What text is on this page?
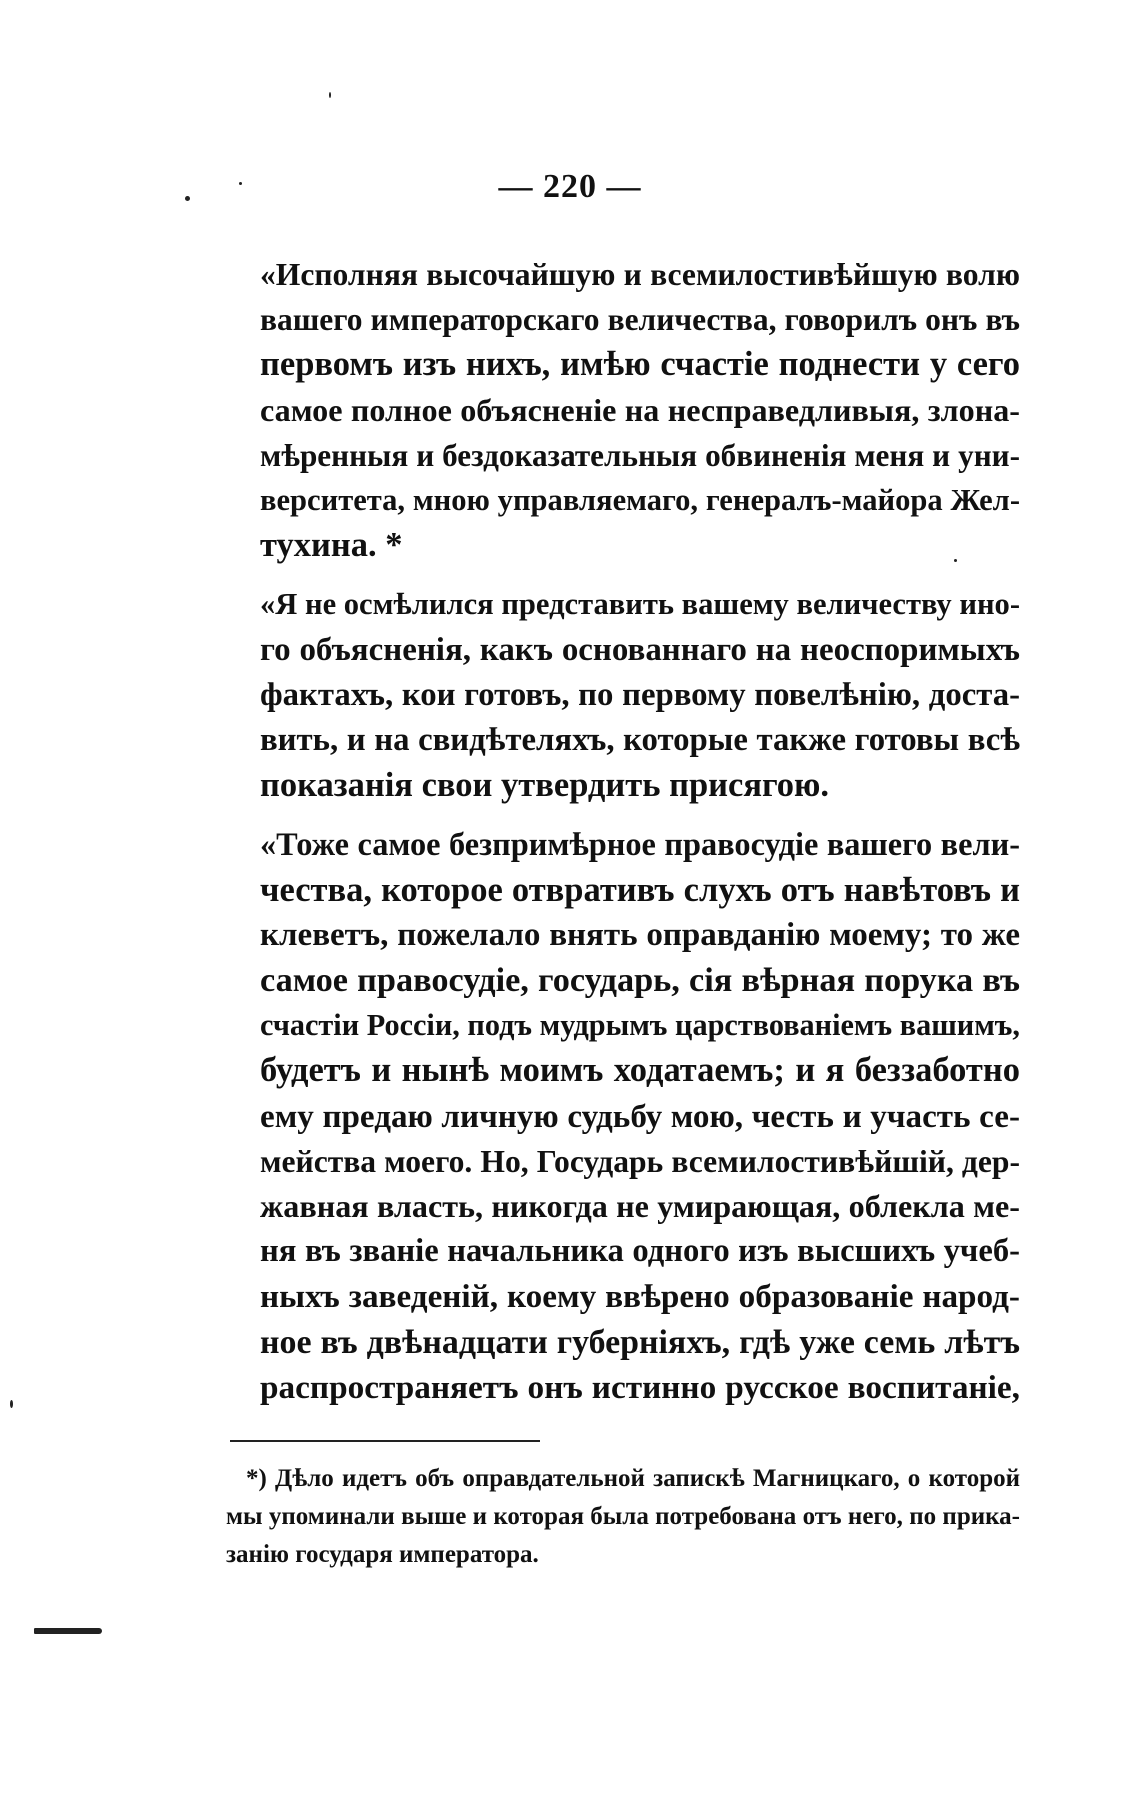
— 220 —

«Исполняя высочайшую и всемилостивѣйшую волю
вашего императорскаго величества, говорилъ онъ въ
первомъ изъ нихъ, имѣю счастіе поднести у сего
самое полное объясненіе на несправедливыя, злона-
мѣренныя и бездоказательныя обвиненія меня и уни-
верситета, мною управляемаго, генералъ-майора Жел-
тухина. *

«Я не осмѣлился представить вашему величеству ино-
го объясненія, какъ основаннаго на неоспоримыхъ
фактахъ, кои готовъ, по первому повелѣнію, доста-
вить, и на свидѣтеляхъ, которые также готовы всѣ
показанія свои утвердить присягою.

«Тоже самое безпримѣрное правосудіе вашего вели-
чества, которое отвративъ слухъ отъ навѣтовъ и
клеветъ, пожелало внять оправданію моему; то же
самое правосудіе, государь, сія вѣрная порука въ
счастіи Россіи, подъ мудрымъ царствованіемъ вашимъ,
будетъ и нынѣ моимъ ходатаемъ; и я беззаботно
ему предаю личную судьбу мою, честь и участь се-
мейства моего. Но, Государь всемилостивѣйшій, дер-
жавная власть, никогда не умирающая, облекла ме-
ня въ званіе начальника одного изъ высшихъ учеб-
ныхъ заведеній, коему ввѣрено образованіе народ-
ное въ двѣнадцати губерніяхъ, гдѣ уже семь лѣтъ
распространяетъ онъ истинно русское воспитаніе,

*) Дѣло идетъ объ оправдательной запискѣ Магницкаго, о которой
мы упоминали выше и которая была потребована отъ него, по прика-
занію государя императора.
